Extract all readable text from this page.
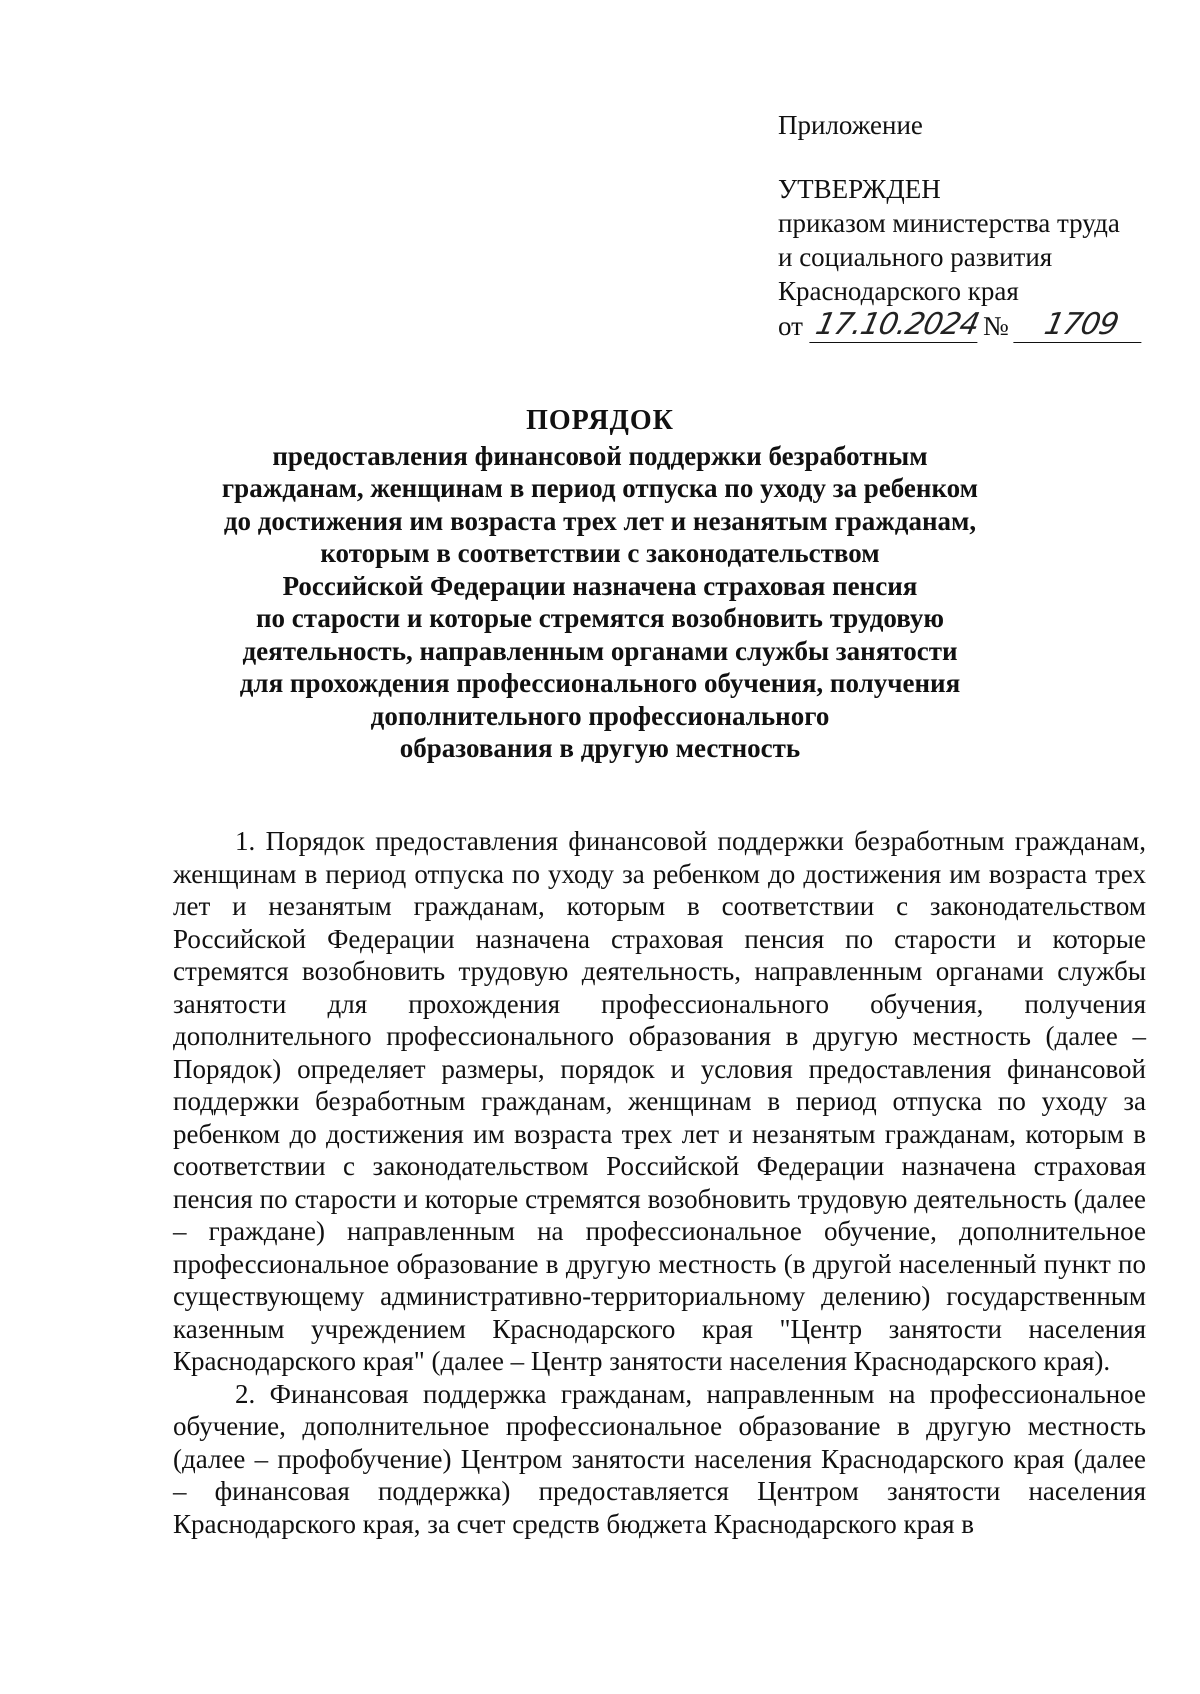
Приложение
УТВЕРЖДЕН
приказом министерства труда
и социального развития
Краснодарского края
от 17.10.2024№ 1709
ПОРЯДОК
предоставления финансовой поддержки безработным
гражданам, женщинам в период отпуска по уходу за ребенком
до достижения им возраста трех лет и незанятым гражданам,
которым в соответствии с законодательством
Российской Федерации назначена страховая пенсия
по старости и которые стремятся возобновить трудовую
деятельность, направленным органами службы занятости
для прохождения профессионального обучения, получения
дополнительного профессионального
образования в другую местность

1. Порядок предоставления финансовой поддержки безработным гражданам, женщинам в период отпуска по уходу за ребенком до достижения им возраста трех лет и незанятым гражданам, которым в соответствии с законодательством Российской Федерации назначена страховая пенсия по старости и которые стремятся возобновить трудовую деятельность, направленным органами службы занятости для прохождения профессионального обучения, получения дополнительного профессионального образования в другую местность (далее – Порядок) определяет размеры, порядок и условия предоставления финансовой поддержки безработным гражданам, женщинам в период отпуска по уходу за ребенком до достижения им возраста трех лет и незанятым гражданам, которым в соответствии с законодательством Российской Федерации назначена страховая пенсия по старости и которые стремятся возобновить трудовую деятельность (далее – граждане) направленным на профессиональное обучение, дополнительное профессиональное образование в другую местность (в другой населенный пункт по существующему административно-территориальному делению) государственным казенным учреждением Краснодарского края "Центр занятости населения Краснодарского края" (далее – Центр занятости населения Краснодарского края).

2. Финансовая поддержка гражданам, направленным на профессиональное обучение, дополнительное профессиональное образование в другую местность (далее – профобучение) Центром занятости населения Краснодарского края (далее – финансовая поддержка) предоставляется Центром занятости населения Краснодарского края, за счет средств бюджета Краснодарского края в
